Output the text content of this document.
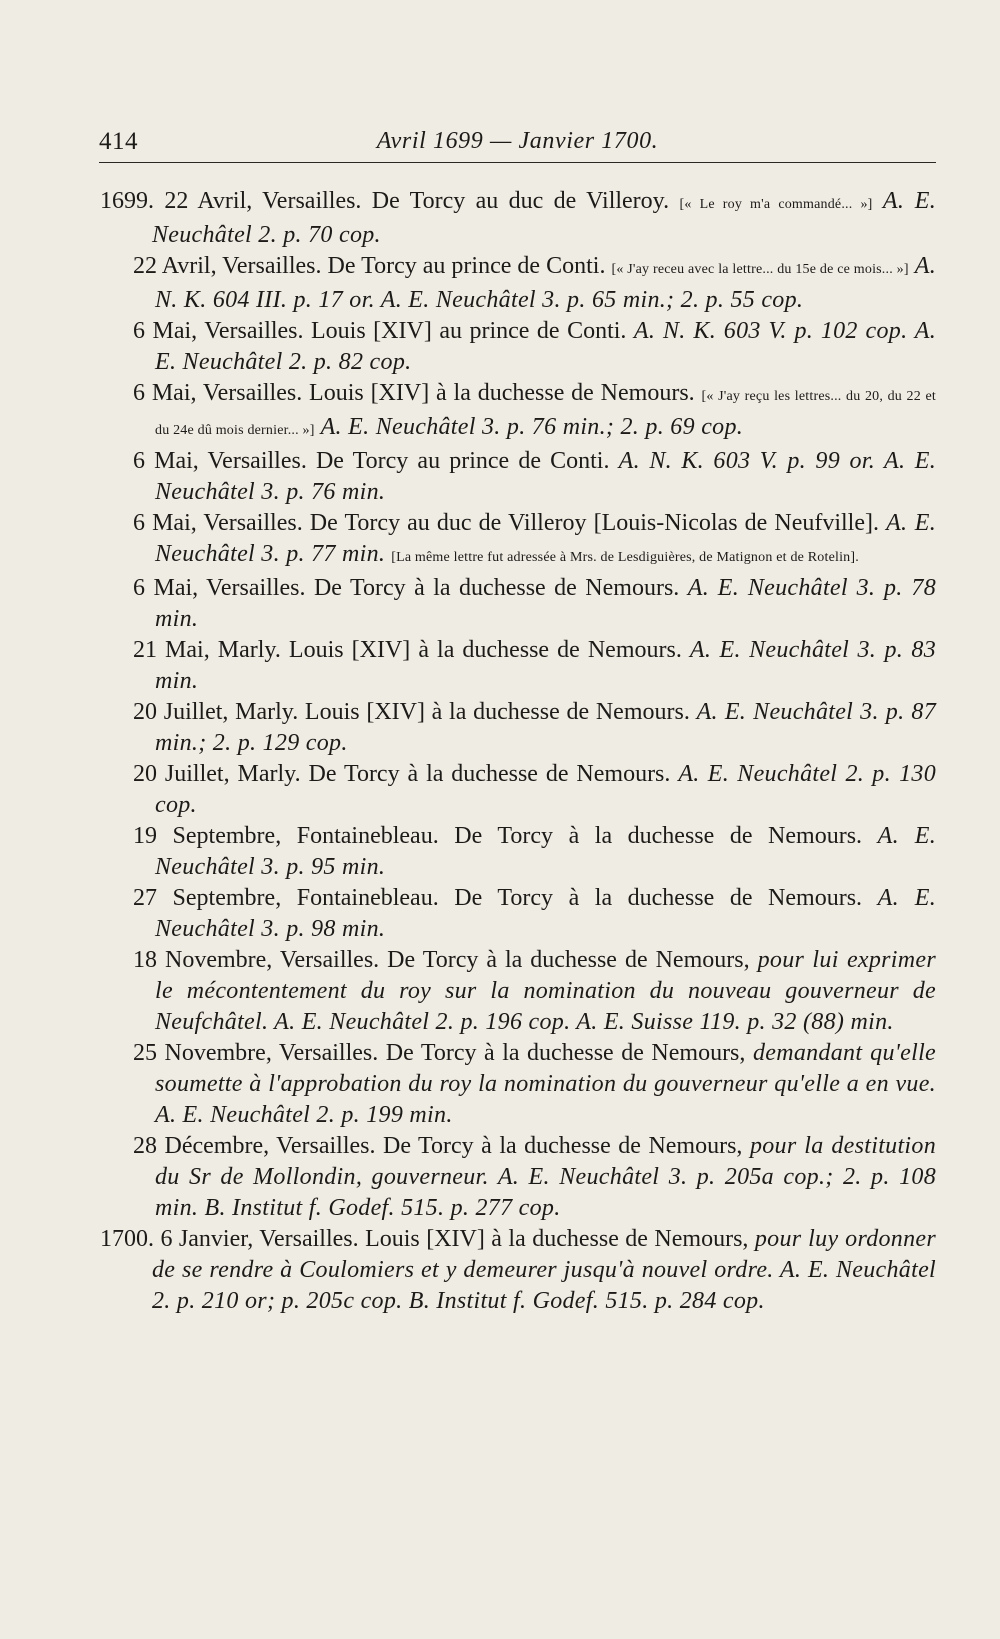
414	Avril 1699 — Janvier 1700.
1699. 22 Avril, Versailles. De Torcy au duc de Villeroy. [« Le roy m'a commandé... »] A. E. Neuchâtel 2. p. 70 cop.
22 Avril, Versailles. De Torcy au prince de Conti. [« J'ay receu avec la lettre... du 15e de ce mois... »] A. N. K. 604 III. p. 17 or. A. E. Neuchâtel 3. p. 65 min.; 2. p. 55 cop.
6 Mai, Versailles. Louis [XIV] au prince de Conti. A. N. K. 603 V. p. 102 cop. A. E. Neuchâtel 2. p. 82 cop.
6 Mai, Versailles. Louis [XIV] à la duchesse de Nemours. [« J'ay reçu les lettres... du 20, du 22 et du 24e dû mois dernier... »] A. E. Neuchâtel 3. p. 76 min.; 2. p. 69 cop.
6 Mai, Versailles. De Torcy au prince de Conti. A. N. K. 603 V. p. 99 or. A. E. Neuchâtel 3. p. 76 min.
6 Mai, Versailles. De Torcy au duc de Villeroy [Louis-Nicolas de Neufville]. A. E. Neuchâtel 3. p. 77 min. [La même lettre fut adressée à Mrs. de Lesdiguières, de Matignon et de Rotelin].
6 Mai, Versailles. De Torcy à la duchesse de Nemours. A. E. Neuchâtel 3. p. 78 min.
21 Mai, Marly. Louis [XIV] à la duchesse de Nemours. A. E. Neuchâtel 3. p. 83 min.
20 Juillet, Marly. Louis [XIV] à la duchesse de Nemours. A. E. Neuchâtel 3. p. 87 min.; 2. p. 129 cop.
20 Juillet, Marly. De Torcy à la duchesse de Nemours. A. E. Neuchâtel 2. p. 130 cop.
19 Septembre, Fontainebleau. De Torcy à la duchesse de Nemours. A. E. Neuchâtel 3. p. 95 min.
27 Septembre, Fontainebleau. De Torcy à la duchesse de Nemours. A. E. Neuchâtel 3. p. 98 min.
18 Novembre, Versailles. De Torcy à la duchesse de Nemours, pour lui exprimer le mécontentement du roy sur la nomination du nouveau gouverneur de Neufchâtel. A. E. Neuchâtel 2. p. 196 cop. A. E. Suisse 119. p. 32 (88) min.
25 Novembre, Versailles. De Torcy à la duchesse de Nemours, demandant qu'elle soumette à l'approbation du roy la nomination du gouverneur qu'elle a en vue. A. E. Neuchâtel 2. p. 199 min.
28 Décembre, Versailles. De Torcy à la duchesse de Nemours, pour la destitution du Sr de Mollondin, gouverneur. A. E. Neuchâtel 3. p. 205a cop.; 2. p. 108 min. B. Institut f. Godef. 515. p. 277 cop.
1700. 6 Janvier, Versailles. Louis [XIV] à la duchesse de Nemours, pour luy ordonner de se rendre à Coulomiers et y demeurer jusqu'à nouvel ordre. A. E. Neuchâtel 2. p. 210 or; p. 205c cop. B. Institut f. Godef. 515. p. 284 cop.
